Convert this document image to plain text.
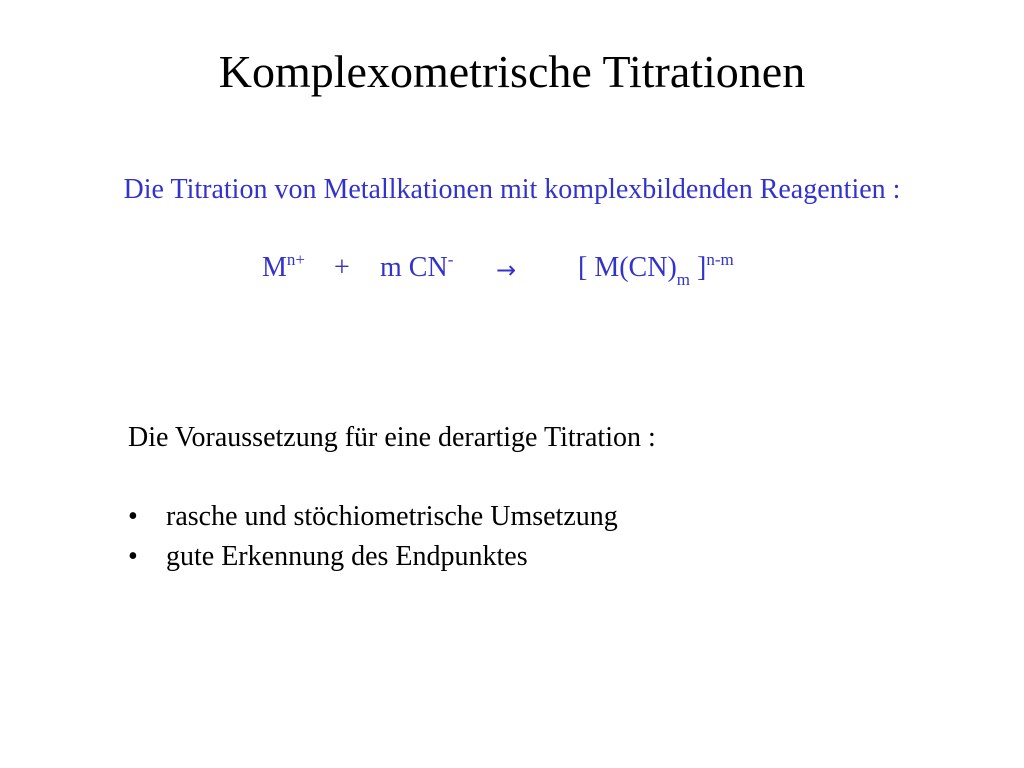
Komplexometrische Titrationen
Die Titration von Metallkationen mit komplexbildenden Reagentien :
$M^{n+} + m$ CN- → [ $M(CN)_m$ ]$^{n-m}$
Die Voraussetzung für eine derartige Titration :
• rasche und stöchiometrische Umsetzung
• gute Erkennung des Endpunktes
